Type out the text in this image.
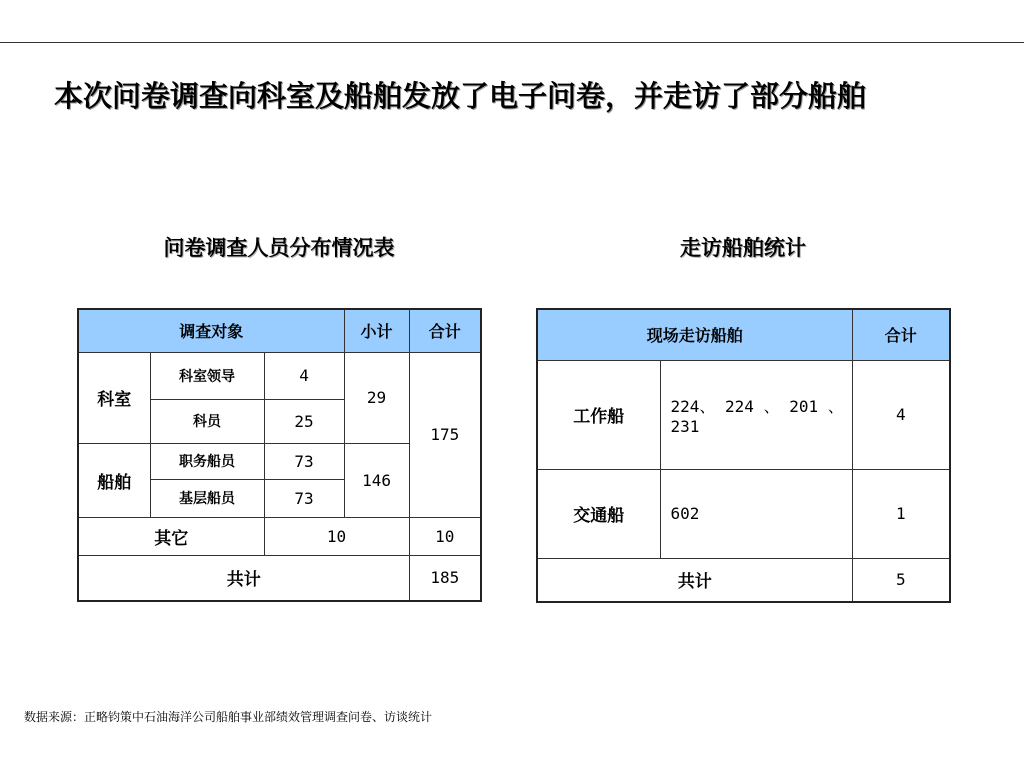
本次问卷调查向科室及船舶发放了电子问卷，并走访了部分船舶
问卷调查人员分布情况表	走访船舶统计
调查对象			小计	合计
科室	科室领导	4	29	175
	科员	25		
船舶	职务船员	73	146	
	基层船员	73		
其它		10		10
共计				185
现场走访船舶		合计
工作船	224、 224 、 201 、 231	4
交通船	602	1
共计		5
数据来源：正略钧策中石油海洋公司船舶事业部绩效管理调查问卷、访谈统计
